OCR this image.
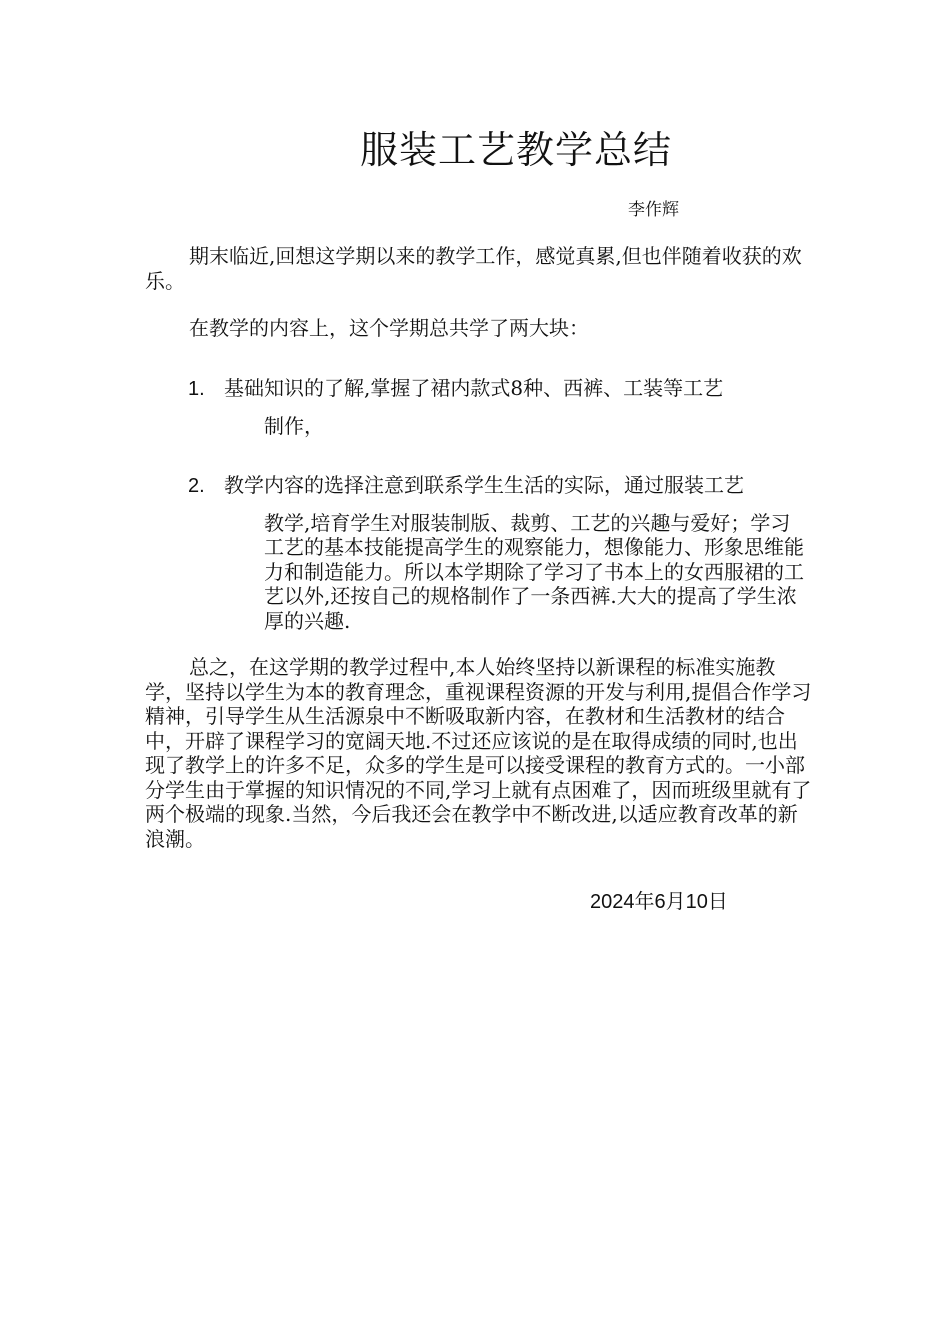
服装工艺教学总结
李作辉

期末临近,回想这学期以来的教学工作，感觉真累,但也伴随着收获的欢乐。

在教学的内容上，这个学期总共学了两大块：

1. 基础知识的了解,掌握了裙内款式8种、西裤、工装等工艺
制作，
2. 教学内容的选择注意到联系学生生活的实际，通过服装工艺
教学,培育学生对服装制版、裁剪、工艺的兴趣与爱好；学习工艺的基本技能提高学生的观察能力，想像能力、形象思维能力和制造能力。所以本学期除了学习了书本上的女西服裙的工艺以外,还按自己的规格制作了一条西裤.大大的提高了学生浓厚的兴趣.

总之，在这学期的教学过程中,本人始终坚持以新课程的标准实施教学，坚持以学生为本的教育理念，重视课程资源的开发与利用,提倡合作学习精神，引导学生从生活源泉中不断吸取新内容，在教材和生活教材的结合中，开辟了课程学习的宽阔天地.不过还应该说的是在取得成绩的同时,也出现了教学上的许多不足，众多的学生是可以接受课程的教育方式的。一小部分学生由于掌握的知识情况的不同,学习上就有点困难了，因而班级里就有了两个极端的现象.当然，今后我还会在教学中不断改进,以适应教育改革的新浪潮。

2024年6月10日
